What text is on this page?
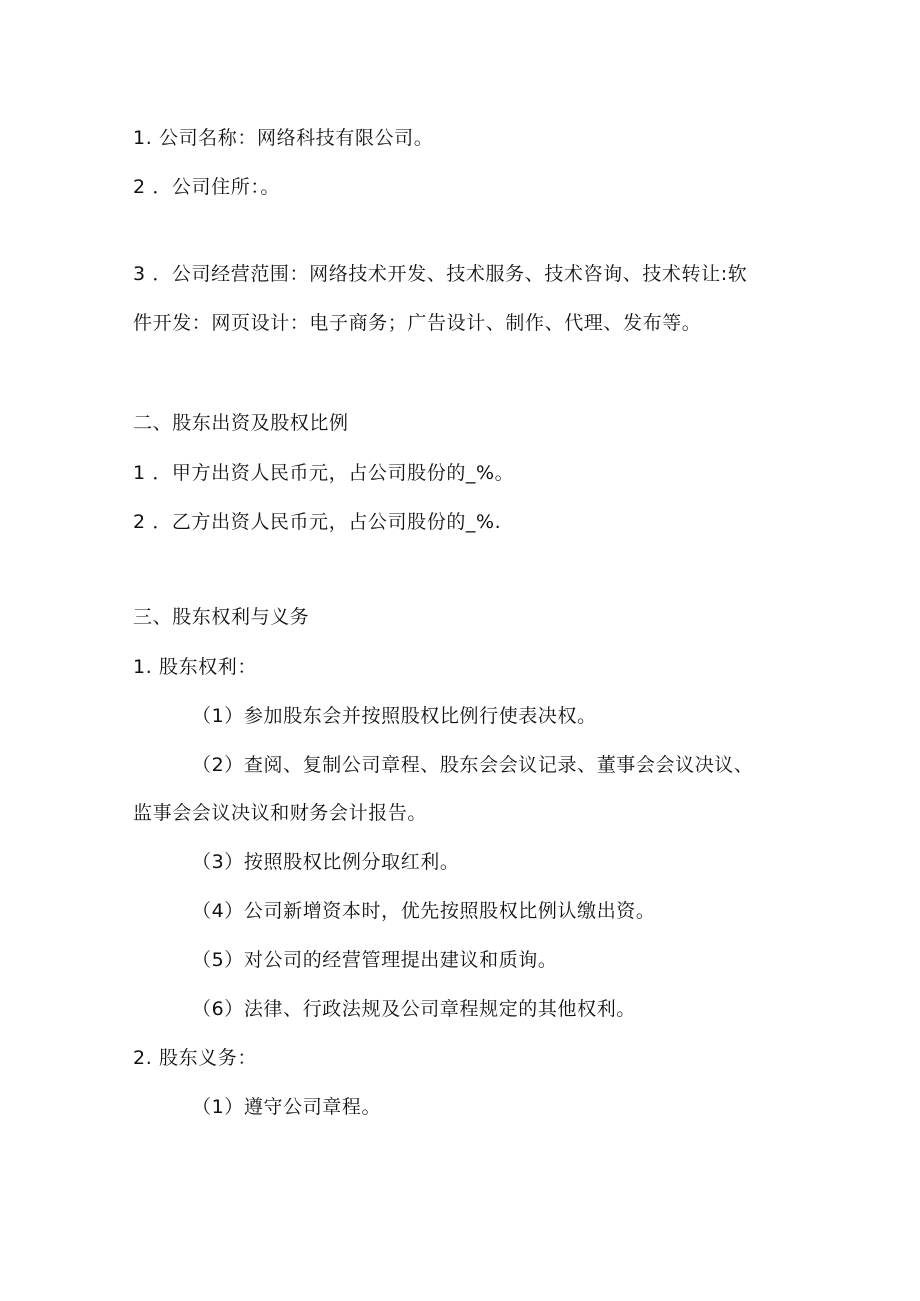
1. 公司名称：网络科技有限公司。
2 ．公司住所：。
3 ．公司经营范围：网络技术开发、技术服务、技术咨询、技术转让:软
件开发：网页设计：电子商务；广告设计、制作、代理、发布等。
二、股东出资及股权比例
1 ．甲方出资人民币元，占公司股份的_%。
2 ．乙方出资人民币元，占公司股份的_%.
三、股东权利与义务
1. 股东权利：
（1）参加股东会并按照股权比例行使表决权。
（2）查阅、复制公司章程、股东会会议记录、董事会会议决议、
监事会会议决议和财务会计报告。
（3）按照股权比例分取红利。
（4）公司新增资本时，优先按照股权比例认缴出资。
（5）对公司的经营管理提出建议和质询。
（6）法律、行政法规及公司章程规定的其他权利。
2. 股东义务：
（1）遵守公司章程。
